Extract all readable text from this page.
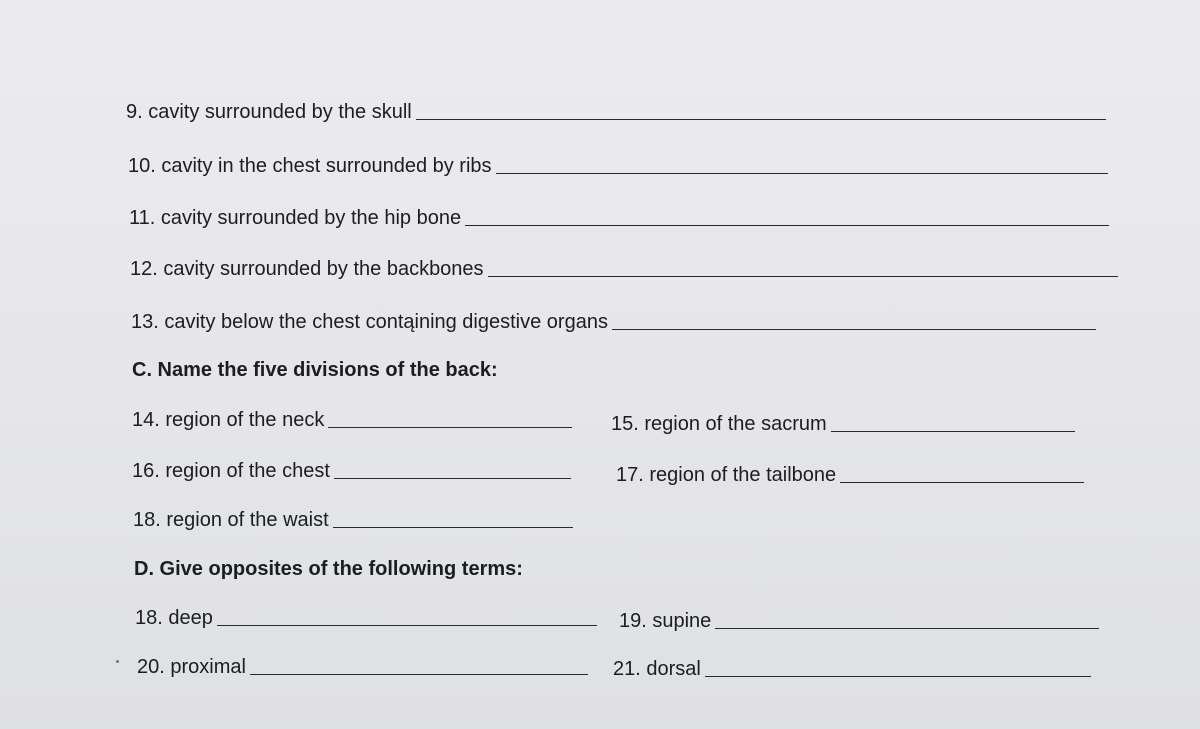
9. cavity surrounded by the skull
10. cavity in the chest surrounded by ribs
11. cavity surrounded by the hip bone
12. cavity surrounded by the backbones
13. cavity below the chest contąining digestive organs
C. Name the five divisions of the back:
14. region of the neck	15. region of the sacrum
16. region of the chest	17. region of the tailbone
18. region of the waist
D. Give opposites of the following terms:
18. deep	19. supine
20. proximal	21. dorsal
